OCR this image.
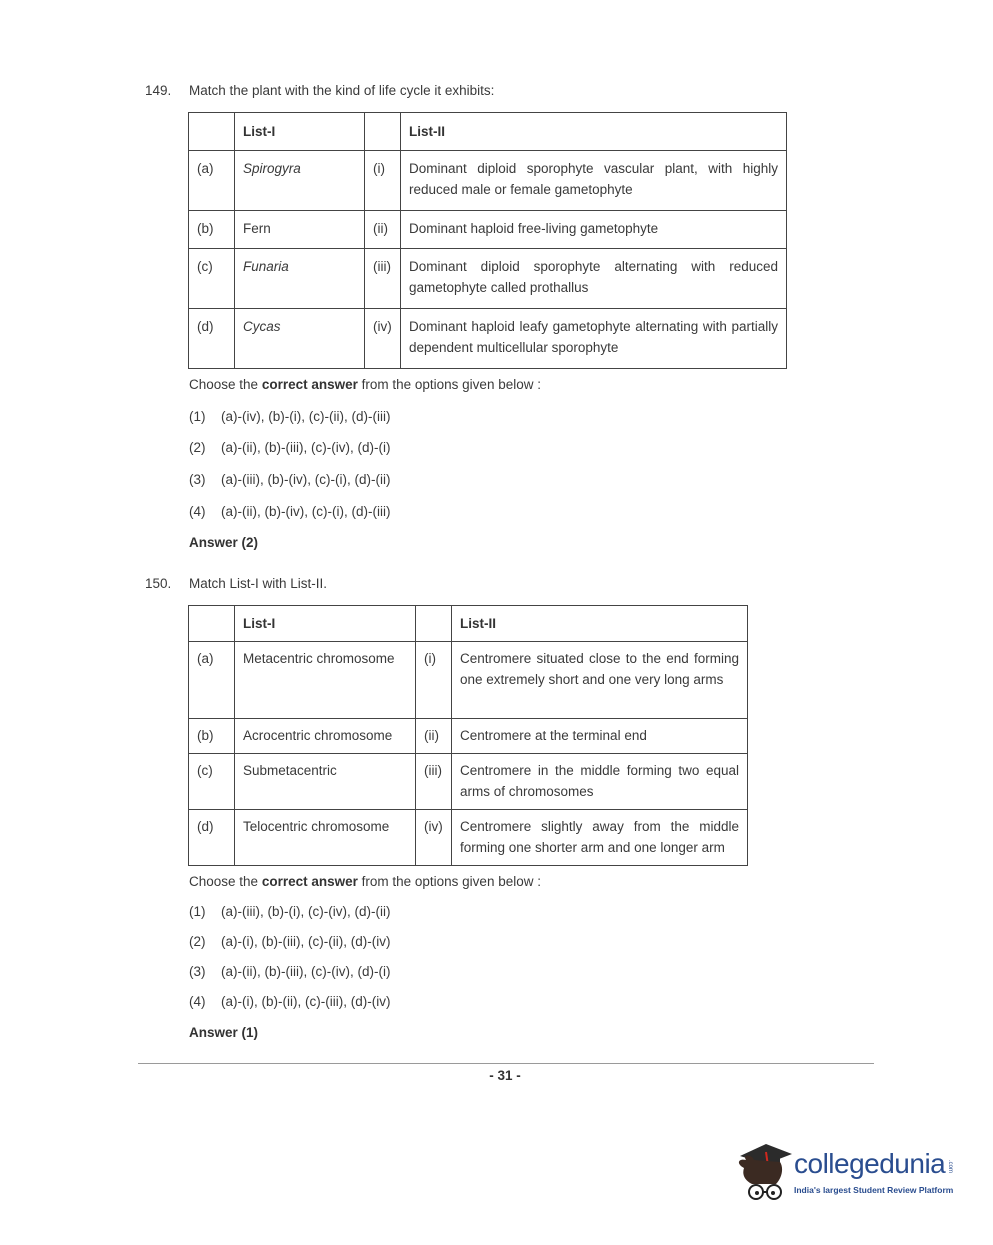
149. Match the plant with the kind of life cycle it exhibits:
	List-I		List-II
(a)	Spirogyra	(i)	Dominant diploid sporophyte vascular plant, with highly reduced male or female gametophyte
(b)	Fern	(ii)	Dominant haploid free-living gametophyte
(c)	Funaria	(iii)	Dominant diploid sporophyte alternating with reduced gametophyte called prothallus
(d)	Cycas	(iv)	Dominant haploid leafy gametophyte alternating with partially dependent multicellular sporophyte
Choose the correct answer from the options given below :
(1) (a)-(iv), (b)-(i), (c)-(ii), (d)-(iii)
(2) (a)-(ii), (b)-(iii), (c)-(iv), (d)-(i)
(3) (a)-(iii), (b)-(iv), (c)-(i), (d)-(ii)
(4) (a)-(ii), (b)-(iv), (c)-(i), (d)-(iii)
Answer (2)
150. Match List-I with List-II.
	List-I		List-II
(a)	Metacentric chromosome	(i)	Centromere situated close to the end forming one extremely short and one very long arms
(b)	Acrocentric chromosome	(ii)	Centromere at the terminal end
(c)	Submetacentric	(iii)	Centromere in the middle forming two equal arms of chromosomes
(d)	Telocentric chromosome	(iv)	Centromere slightly away from the middle forming one shorter arm and one longer arm
Choose the correct answer from the options given below :
(1) (a)-(iii), (b)-(i), (c)-(iv), (d)-(ii)
(2) (a)-(i), (b)-(iii), (c)-(ii), (d)-(iv)
(3) (a)-(ii), (b)-(iii), (c)-(iv), (d)-(i)
(4) (a)-(i), (b)-(ii), (c)-(iii), (d)-(iv)
Answer (1)
- 31 -
collegedunia .com
India's largest Student Review Platform
